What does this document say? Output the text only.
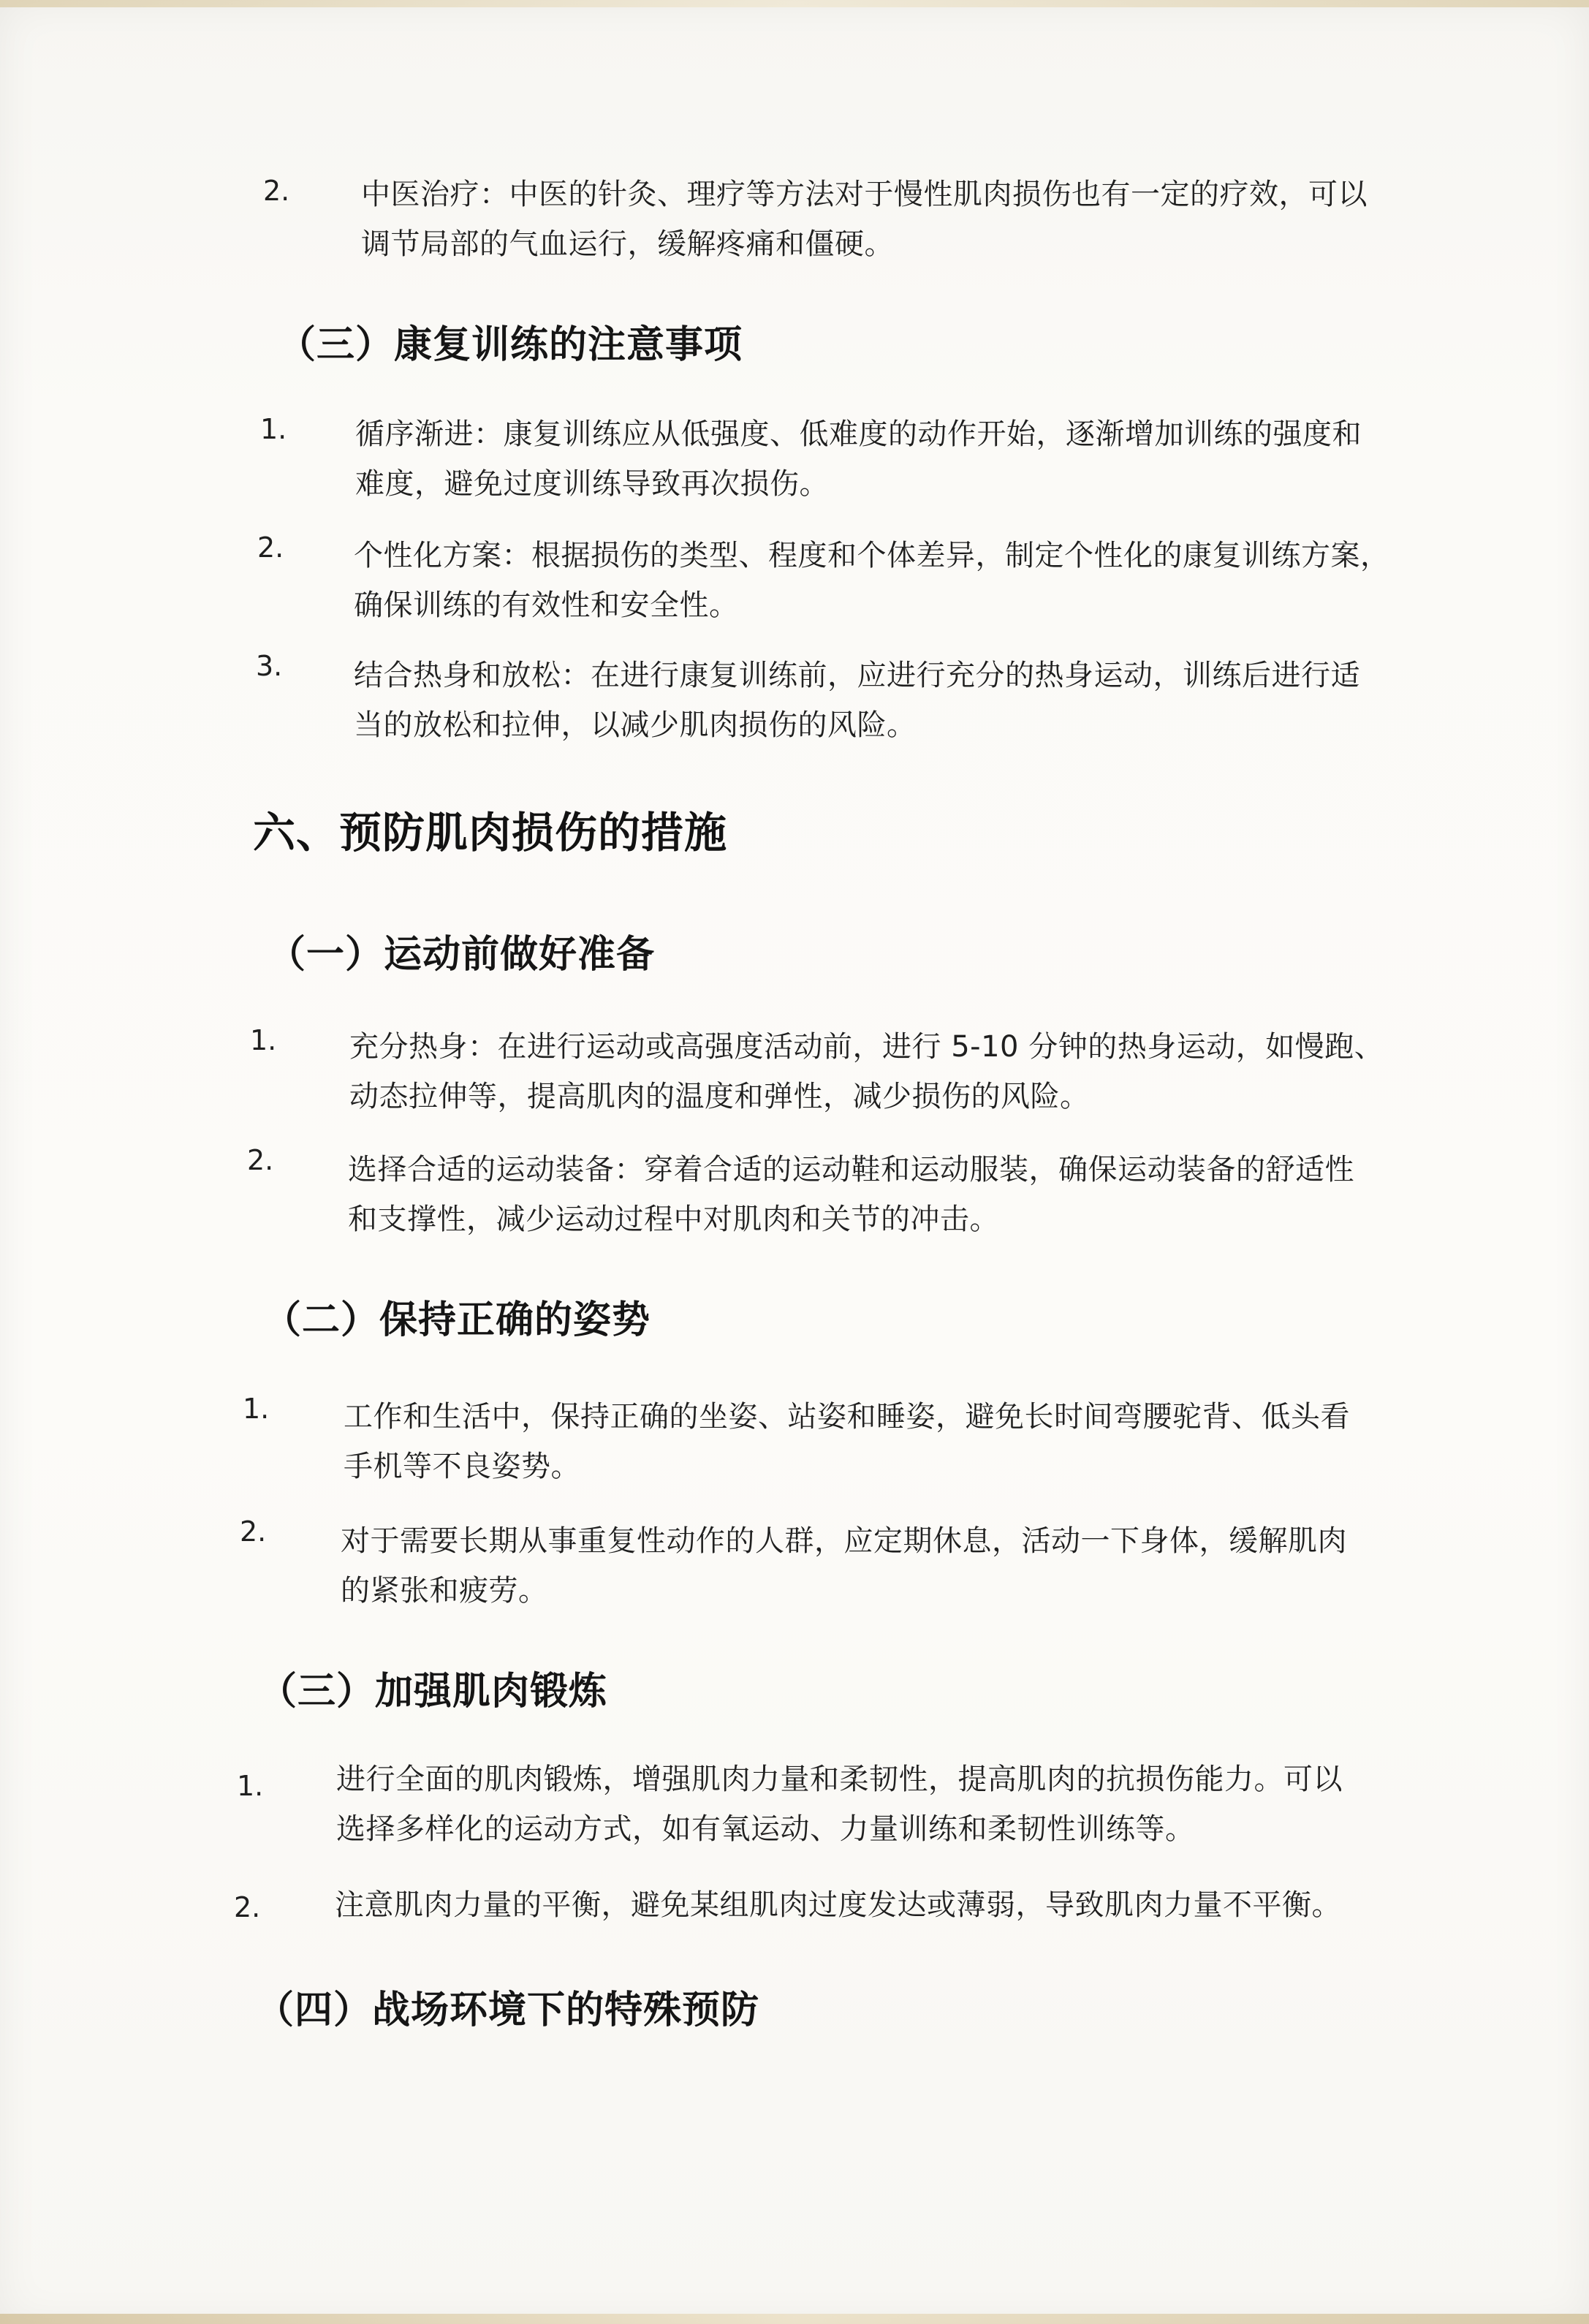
2. 中医治疗：中医的针灸、理疗等方法对于慢性肌肉损伤也有一定的疗效，可以
调节局部的气血运行，缓解疼痛和僵硬。
（三）康复训练的注意事项
1. 循序渐进：康复训练应从低强度、低难度的动作开始，逐渐增加训练的强度和
难度，避免过度训练导致再次损伤。
2. 个性化方案：根据损伤的类型、程度和个体差异，制定个性化的康复训练方案，
确保训练的有效性和安全性。
3. 结合热身和放松：在进行康复训练前，应进行充分的热身运动，训练后进行适
当的放松和拉伸，以减少肌肉损伤的风险。
六、预防肌肉损伤的措施
（一）运动前做好准备
1. 充分热身：在进行运动或高强度活动前，进行 5-10 分钟的热身运动，如慢跑、
动态拉伸等，提高肌肉的温度和弹性，减少损伤的风险。
2.	选择合适的运动装备：穿着合适的运动鞋和运动服装，确保运动装备的舒适性
和支撑性，减少运动过程中对肌肉和关节的冲击。
（二）保持正确的姿势
1.	工作和生活中，保持正确的坐姿、站姿和睡姿，避免长时间弯腰驼背、低头看
手机等不良姿势。
2.	对于需要长期从事重复性动作的人群，应定期休息，活动一下身体，缓解肌肉
的紧张和疲劳。
（三）加强肌肉锻炼
1. 进行全面的肌肉锻炼，增强肌肉力量和柔韧性，提高肌肉的抗损伤能力。可以
选择多样化的运动方式，如有氧运动、力量训练和柔韧性训练等。
2.	注意肌肉力量的平衡，避免某组肌肉过度发达或薄弱，导致肌肉力量不平衡。
（四）战场环境下的特殊预防
